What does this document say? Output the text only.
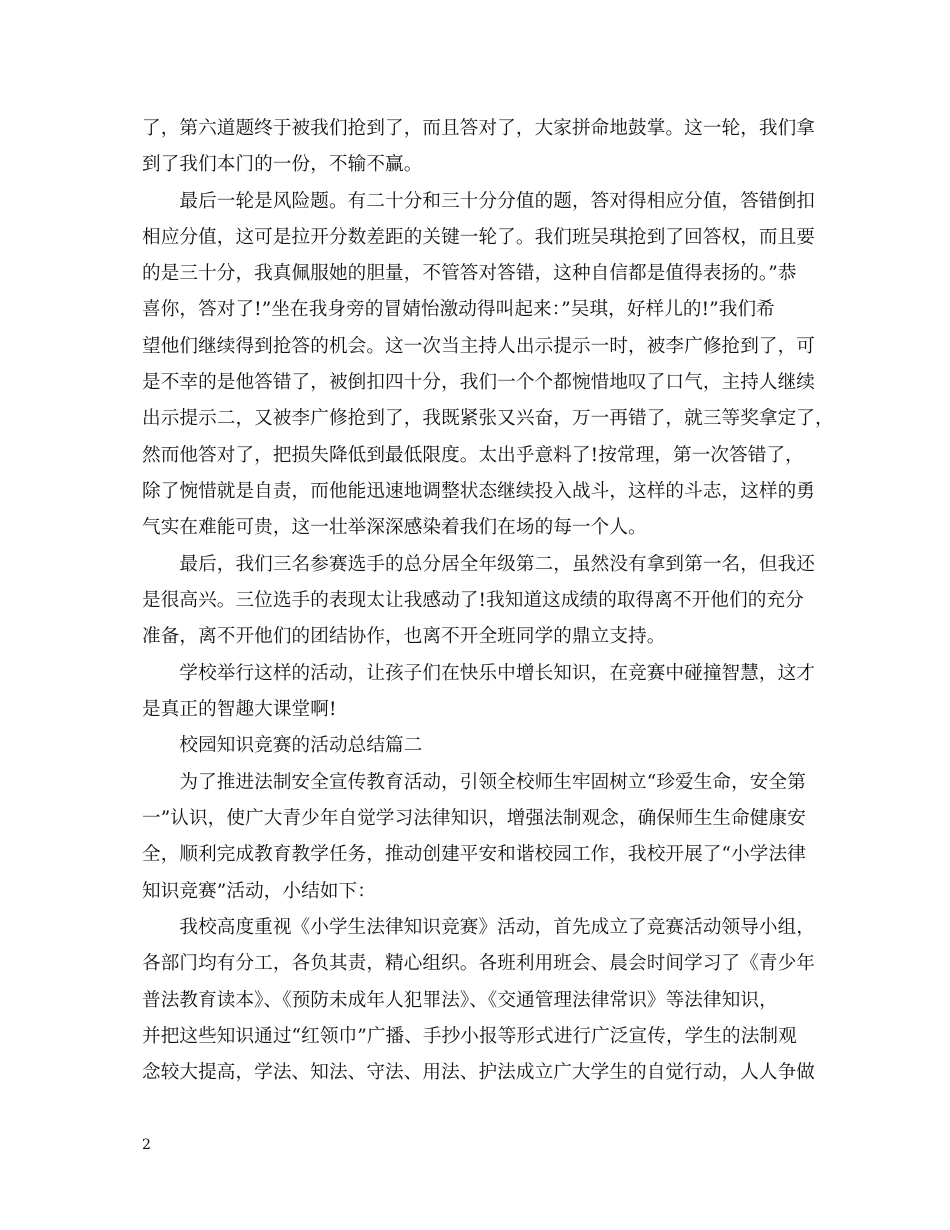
了，第六道题终于被我们抢到了，而且答对了，大家拼命地鼓掌。这一轮，我们拿
到了我们本门的一份，不输不赢。
　　最后一轮是风险题。有二十分和三十分分值的题，答对得相应分值，答错倒扣
相应分值，这可是拉开分数差距的关键一轮了。我们班吴琪抢到了回答权，而且要
的是三十分，我真佩服她的胆量，不管答对答错，这种自信都是值得表扬的。”恭
喜你，答对了!”坐在我身旁的冒婧怡激动得叫起来：”吴琪，好样儿的!”我们希
望他们继续得到抢答的机会。这一次当主持人出示提示一时，被李广修抢到了，可
是不幸的是他答错了，被倒扣四十分，我们一个个都惋惜地叹了口气，主持人继续
出示提示二，又被李广修抢到了，我既紧张又兴奋，万一再错了，就三等奖拿定了，
然而他答对了，把损失降低到最低限度。太出乎意料了!按常理，第一次答错了，
除了惋惜就是自责，而他能迅速地调整状态继续投入战斗，这样的斗志，这样的勇
气实在难能可贵，这一壮举深深感染着我们在场的每一个人。
　　最后，我们三名参赛选手的总分居全年级第二，虽然没有拿到第一名，但我还
是很高兴。三位选手的表现太让我感动了!我知道这成绩的取得离不开他们的充分
准备，离不开他们的团结协作，也离不开全班同学的鼎立支持。
　　学校举行这样的活动，让孩子们在快乐中增长知识，在竞赛中碰撞智慧，这才
是真正的智趣大课堂啊!
　　校园知识竞赛的活动总结篇二
　　为了推进法制安全宣传教育活动，引领全校师生牢固树立“珍爱生命，安全第
一”认识，使广大青少年自觉学习法律知识，增强法制观念，确保师生生命健康安
全，顺利完成教育教学任务，推动创建平安和谐校园工作，我校开展了“小学法律
知识竞赛”活动，小结如下：
　　我校高度重视《小学生法律知识竞赛》活动，首先成立了竞赛活动领导小组，
各部门均有分工，各负其责，精心组织。各班利用班会、晨会时间学习了《青少年
普法教育读本》、《预防未成年人犯罪法》、《交通管理法律常识》等法律知识，
并把这些知识通过“红领巾”广播、手抄小报等形式进行广泛宣传，学生的法制观
念较大提高，学法、知法、守法、用法、护法成立广大学生的自觉行动，人人争做
2
